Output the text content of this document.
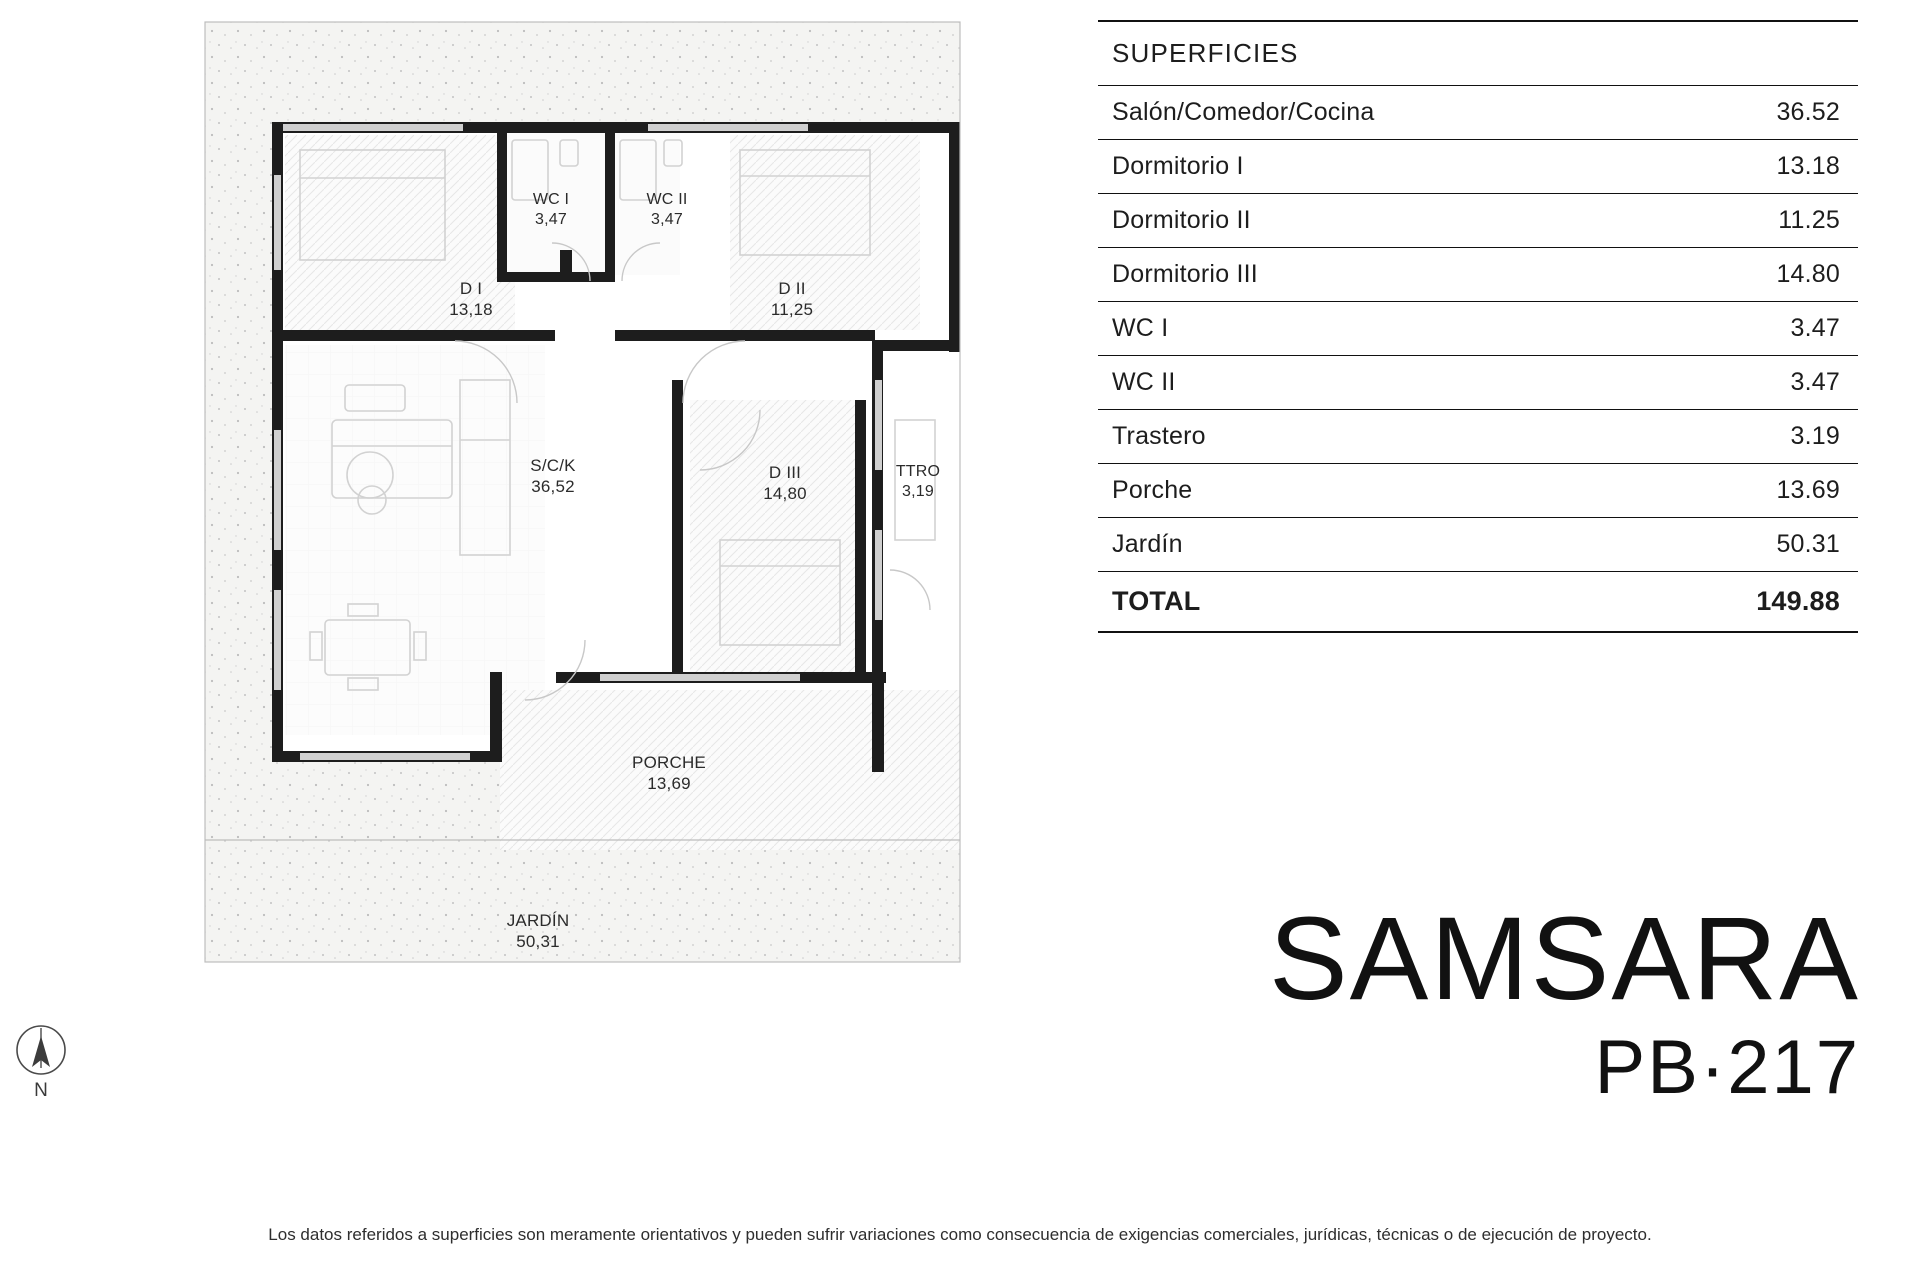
WC I
3,47
WC II
3,47
D I
13,18
D II
11,25
S/C/K
36,52
D III
14,80
TTRO
3,19
PORCHE
13,69
JARDÍN
50,31
N
SUPERFICIES	
Salón/Comedor/Cocina	36.52
Dormitorio I	13.18
Dormitorio II	11.25
Dormitorio III	14.80
WC I	3.47
WC II	3.47
Trastero	3.19
Porche	13.69
Jardín	50.31
TOTAL	149.88
SAMSARA
PB·217
Los datos referidos a superficies son meramente orientativos y pueden sufrir variaciones como consecuencia de exigencias comerciales, jurídicas, técnicas o de ejecución de proyecto.
